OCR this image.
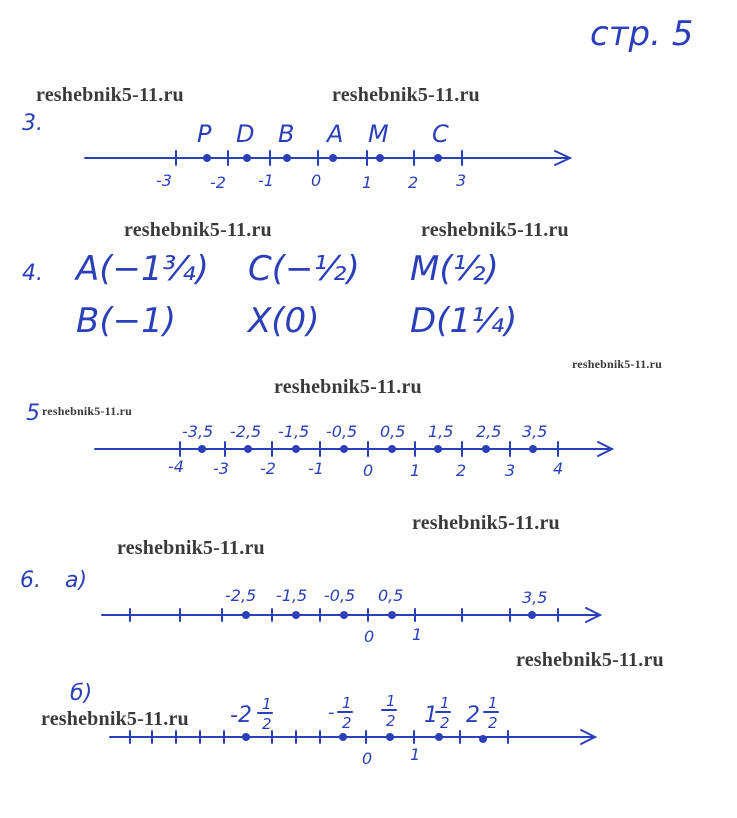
стр. 5
3.	P D B A M C
-3 -2 -1 0	1 2 3
4. A(−1¾) C(−½) M(½)
B(−1) X(0)	D(1¼)
5
-3,5 -2,5 -1,5 -0,5 0,5 1,5 2,5 3,5
-4 -3 -2 -1 0 1 2 3 4
6. a)
-2,5 -1,5 -0,5 0,5	3,5
0 1
б)
-2 1
2
- 1
2
1
2 1 1
2 2 1
2
0 1
reshebnik5-11.ru	reshebnik5-11.ru
reshebnik5-11.ru	reshebnik5-11.ru
reshebnik5-11.ru
reshebnik5-11.ru
reshebnik5-11.ru
reshebnik5-11.ru
reshebnik5-11.ru
reshebnik5-11.ru
reshebnik5-11.ru
